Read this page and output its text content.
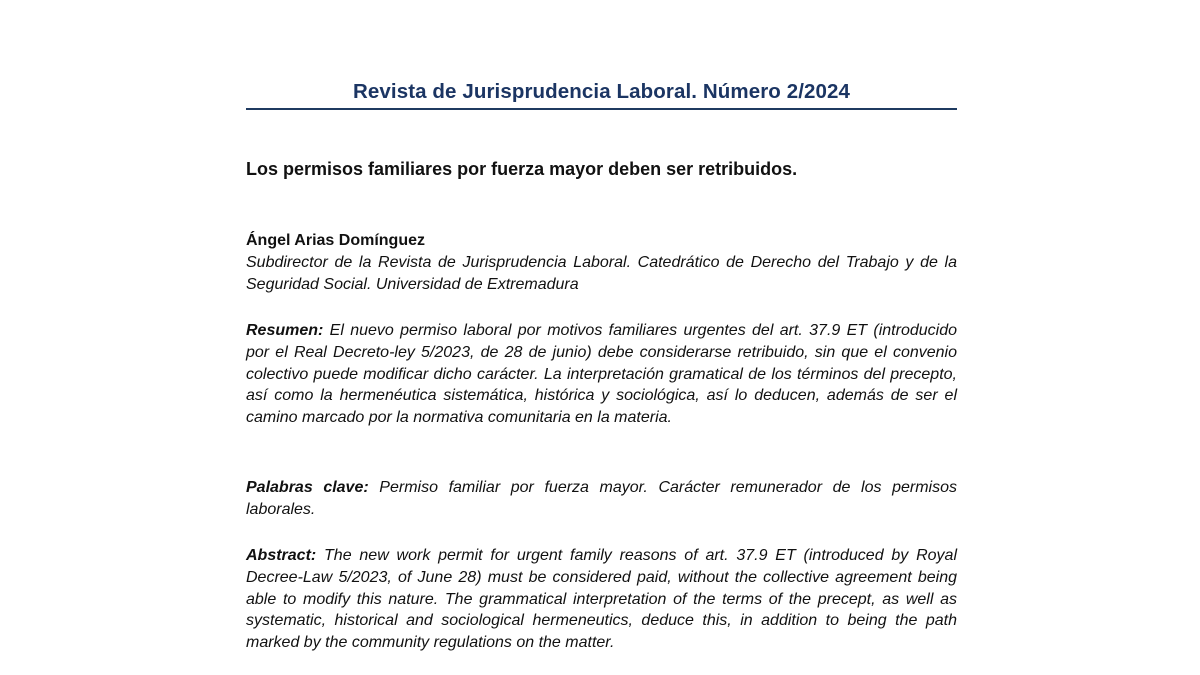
Revista de Jurisprudencia Laboral. Número 2/2024
Los permisos familiares por fuerza mayor deben ser retribuidos.
Ángel Arias Domínguez
Subdirector de la Revista de Jurisprudencia Laboral. Catedrático de Derecho del Trabajo y de la Seguridad Social. Universidad de Extremadura

Resumen: El nuevo permiso laboral por motivos familiares urgentes del art. 37.9 ET (introducido por el Real Decreto-ley 5/2023, de 28 de junio) debe considerarse retribuido, sin que el convenio colectivo puede modificar dicho carácter. La interpretación gramatical de los términos del precepto, así como la hermenéutica sistemática, histórica y sociológica, así lo deducen, además de ser el camino marcado por la normativa comunitaria en la materia.

Palabras clave: Permiso familiar por fuerza mayor. Carácter remunerador de los permisos laborales.

Abstract: The new work permit for urgent family reasons of art. 37.9 ET (introduced by Royal Decree-Law 5/2023, of June 28) must be considered paid, without the collective agreement being able to modify this nature. The grammatical interpretation of the terms of the precept, as well as systematic, historical and sociological hermeneutics, deduce this, in addition to being the path marked by the community regulations on the matter.
